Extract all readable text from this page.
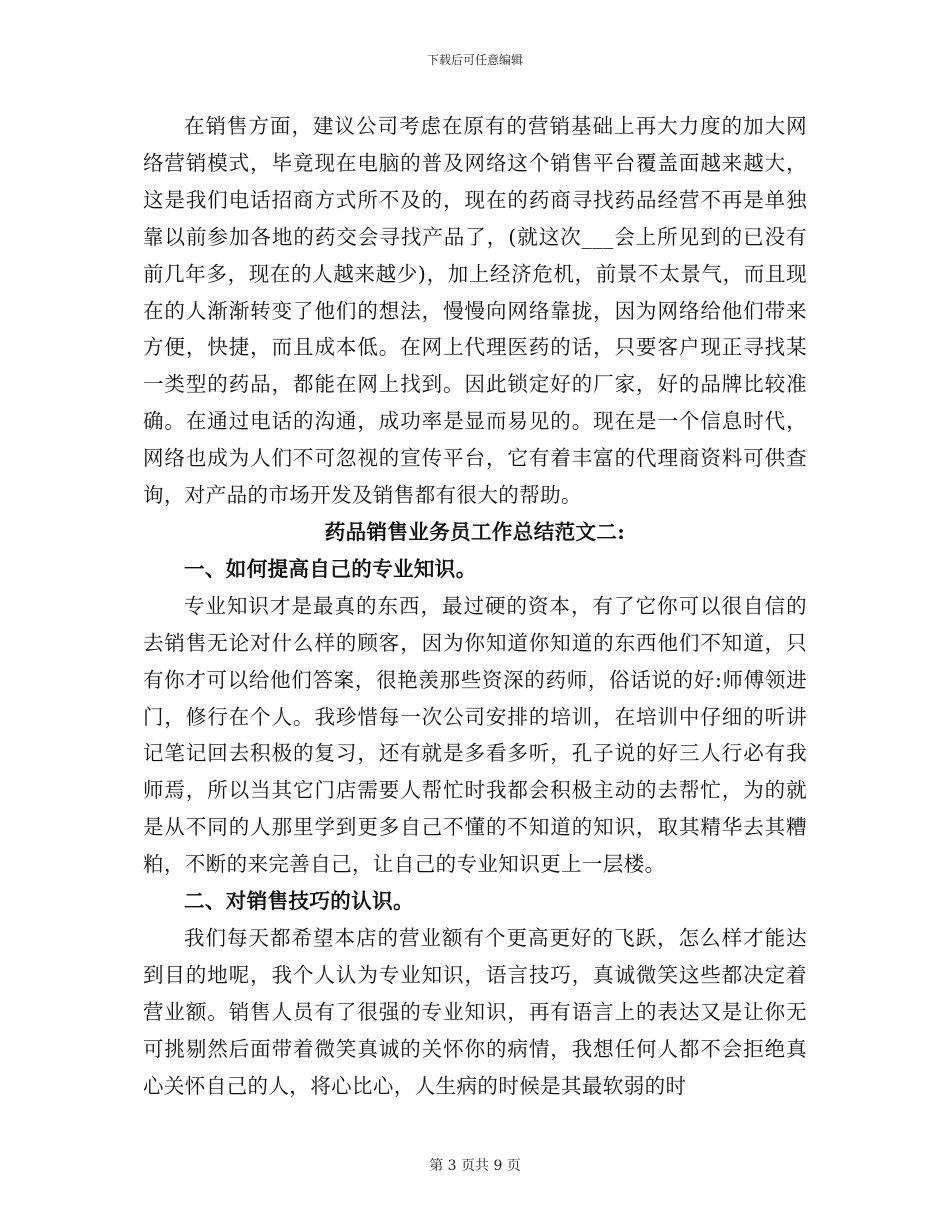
下载后可任意编辑

在销售方面，建议公司考虑在原有的营销基础上再大力度的加大网络营销模式，毕竟现在电脑的普及网络这个销售平台覆盖面越来越大，这是我们电话招商方式所不及的，现在的药商寻找药品经营不再是单独靠以前参加各地的药交会寻找产品了，(就这次___会上所见到的已没有前几年多，现在的人越来越少)，加上经济危机，前景不太景气，而且现在的人渐渐转变了他们的想法，慢慢向网络靠拢，因为网络给他们带来方便，快捷，而且成本低。在网上代理医药的话，只要客户现正寻找某一类型的药品，都能在网上找到。因此锁定好的厂家，好的品牌比较准确。在通过电话的沟通，成功率是显而易见的。现在是一个信息时代，网络也成为人们不可忽视的宣传平台，它有着丰富的代理商资料可供查询，对产品的市场开发及销售都有很大的帮助。

药品销售业务员工作总结范文二:

一、如何提高自己的专业知识。

专业知识才是最真的东西，最过硬的资本，有了它你可以很自信的去销售无论对什么样的顾客，因为你知道你知道的东西他们不知道，只有你才可以给他们答案，很艳羡那些资深的药师，俗话说的好:师傅领进门，修行在个人。我珍惜每一次公司安排的培训，在培训中仔细的听讲记笔记回去积极的复习，还有就是多看多听，孔子说的好三人行必有我师焉，所以当其它门店需要人帮忙时我都会积极主动的去帮忙，为的就是从不同的人那里学到更多自己不懂的不知道的知识，取其精华去其糟粕，不断的来完善自己，让自己的专业知识更上一层楼。

二、对销售技巧的认识。

我们每天都希望本店的营业额有个更高更好的飞跃，怎么样才能达到目的地呢，我个人认为专业知识，语言技巧，真诚微笑这些都决定着营业额。销售人员有了很强的专业知识，再有语言上的表达又是让你无可挑剔然后面带着微笑真诚的关怀你的病情，我想任何人都不会拒绝真心关怀自己的人，将心比心，人生病的时候是其最软弱的时

第 3 页共 9 页
